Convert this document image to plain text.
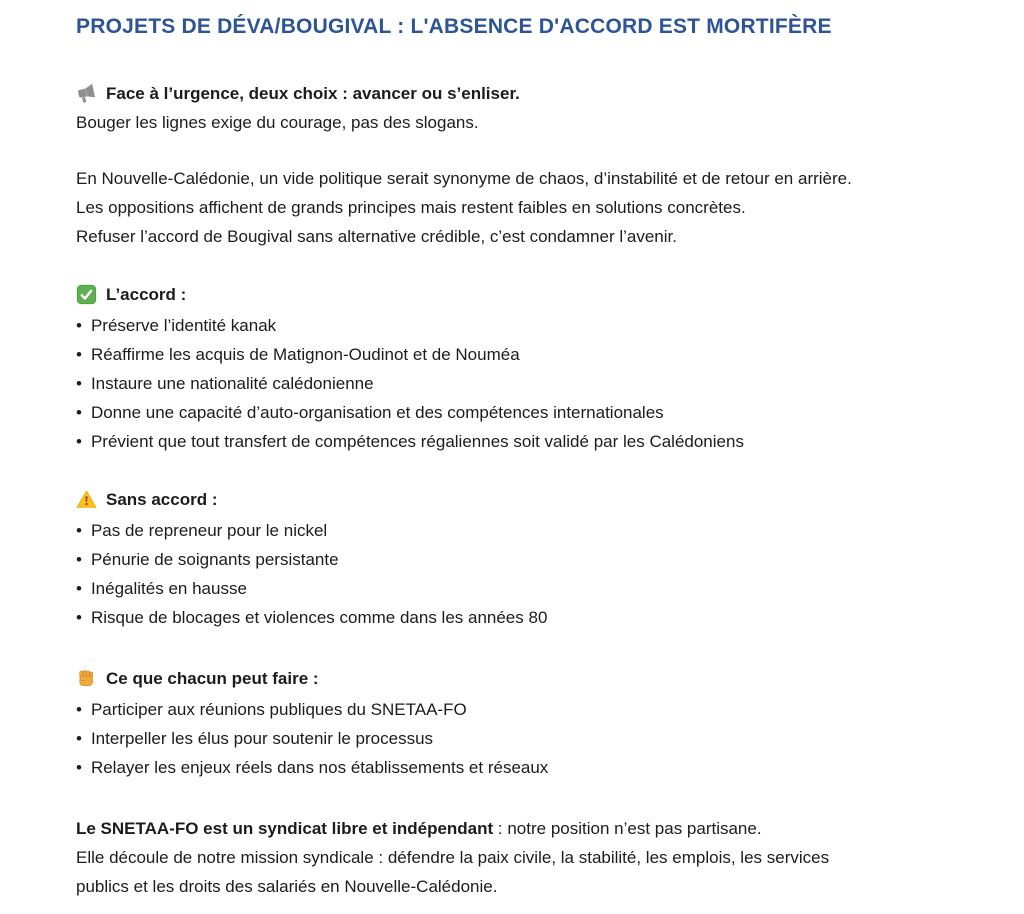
PROJETS DE DÉVA/BOUGIVAL : L'ABSENCE D'ACCORD EST MORTIFÈRE
Face à l’urgence, deux choix : avancer ou s’enliser.
Bouger les lignes exige du courage, pas des slogans.
En Nouvelle-Calédonie, un vide politique serait synonyme de chaos, d’instabilité et de retour en arrière.
Les oppositions affichent de grands principes mais restent faibles en solutions concrètes.
Refuser l’accord de Bougival sans alternative crédible, c’est condamner l’avenir.
L’accord :
• Préserve l’identité kanak
• Réaffirme les acquis de Matignon-Oudinot et de Nouméa
• Instaure une nationalité calédonienne
• Donne une capacité d’auto-organisation et des compétences internationales
• Prévient que tout transfert de compétences régaliennes soit validé par les Calédoniens
Sans accord :
• Pas de repreneur pour le nickel
• Pénurie de soignants persistante
• Inégalités en hausse
• Risque de blocages et violences comme dans les années 80
Ce que chacun peut faire :
• Participer aux réunions publiques du SNETAA-FO
• Interpeller les élus pour soutenir le processus
• Relayer les enjeux réels dans nos établissements et réseaux
Le SNETAA-FO est un syndicat libre et indépendant : notre position n’est pas partisane.
Elle découle de notre mission syndicale : défendre la paix civile, la stabilité, les emplois, les services
publics et les droits des salariés en Nouvelle-Calédonie.
